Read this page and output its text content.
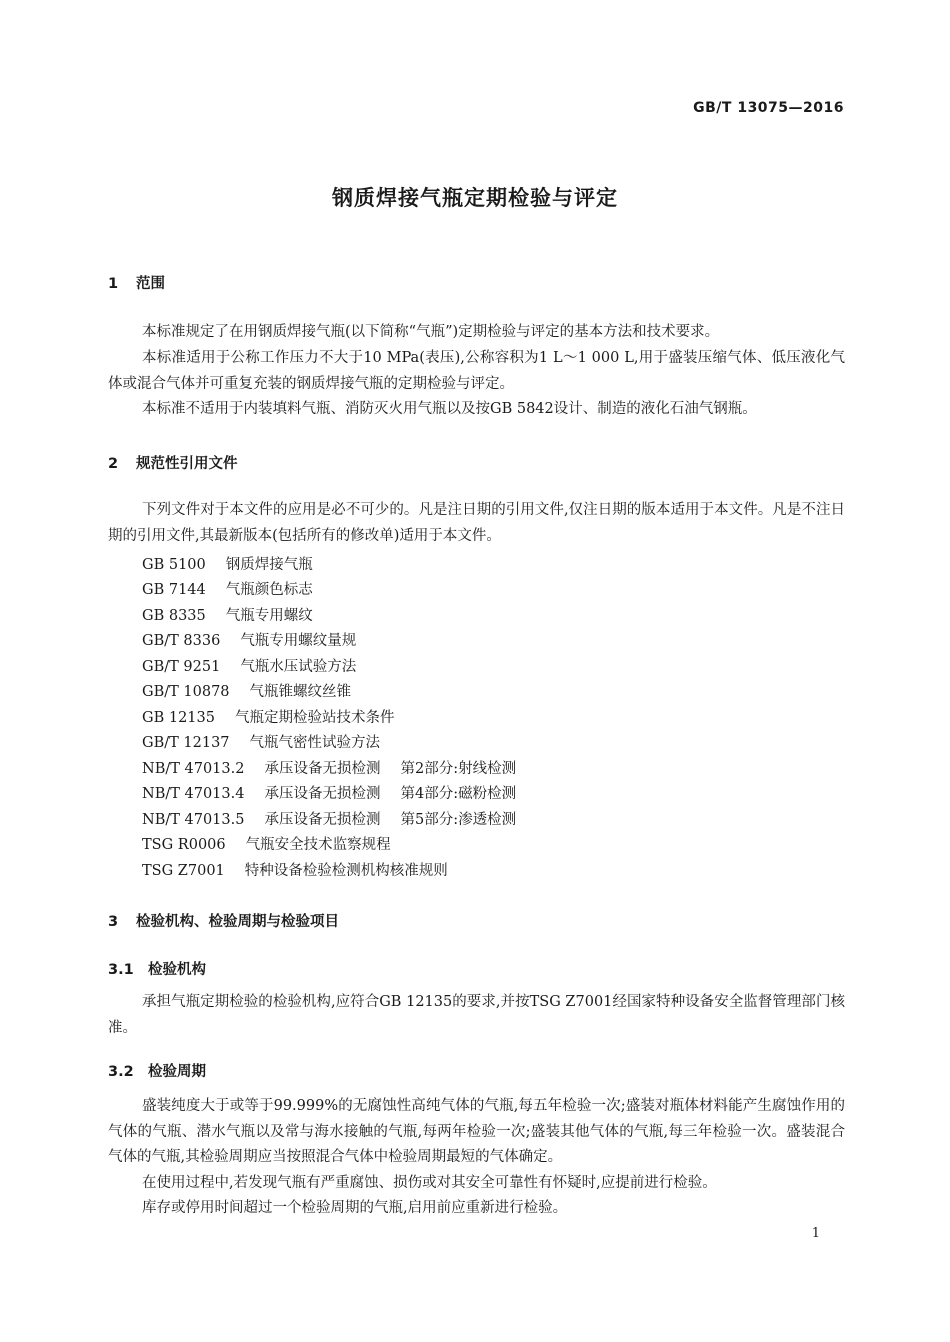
GB/T 13075—2016
钢质焊接气瓶定期检验与评定
1 范围

本标准规定了在用钢质焊接气瓶(以下简称“气瓶”)定期检验与评定的基本方法和技术要求。

本标准适用于公称工作压力不大于10 MPa(表压),公称容积为1 L～1 000 L,用于盛装压缩气体、低压液化气体或混合气体并可重复充装的钢质焊接气瓶的定期检验与评定。

本标准不适用于内装填料气瓶、消防灭火用气瓶以及按GB 5842设计、制造的液化石油气钢瓶。

2 规范性引用文件

下列文件对于本文件的应用是必不可少的。凡是注日期的引用文件,仅注日期的版本适用于本文件。凡是不注日期的引用文件,其最新版本(包括所有的修改单)适用于本文件。

GB 5100 钢质焊接气瓶
GB 7144 气瓶颜色标志
GB 8335 气瓶专用螺纹
GB/T 8336 气瓶专用螺纹量规
GB/T 9251 气瓶水压试验方法
GB/T 10878 气瓶锥螺纹丝锥
GB 12135 气瓶定期检验站技术条件
GB/T 12137 气瓶气密性试验方法
NB/T 47013.2 承压设备无损检测 第2部分:射线检测
NB/T 47013.4 承压设备无损检测 第4部分:磁粉检测
NB/T 47013.5 承压设备无损检测 第5部分:渗透检测
TSG R0006 气瓶安全技术监察规程
TSG Z7001 特种设备检验检测机构核准规则
3 检验机构、检验周期与检验项目
3.1 检验机构

承担气瓶定期检验的检验机构,应符合GB 12135的要求,并按TSG Z7001经国家特种设备安全监督管理部门核准。

3.2 检验周期

盛装纯度大于或等于99.999%的无腐蚀性高纯气体的气瓶,每五年检验一次;盛装对瓶体材料能产生腐蚀作用的气体的气瓶、潜水气瓶以及常与海水接触的气瓶,每两年检验一次;盛装其他气体的气瓶,每三年检验一次。盛装混合气体的气瓶,其检验周期应当按照混合气体中检验周期最短的气体确定。

在使用过程中,若发现气瓶有严重腐蚀、损伤或对其安全可靠性有怀疑时,应提前进行检验。

库存或停用时间超过一个检验周期的气瓶,启用前应重新进行检验。

1
